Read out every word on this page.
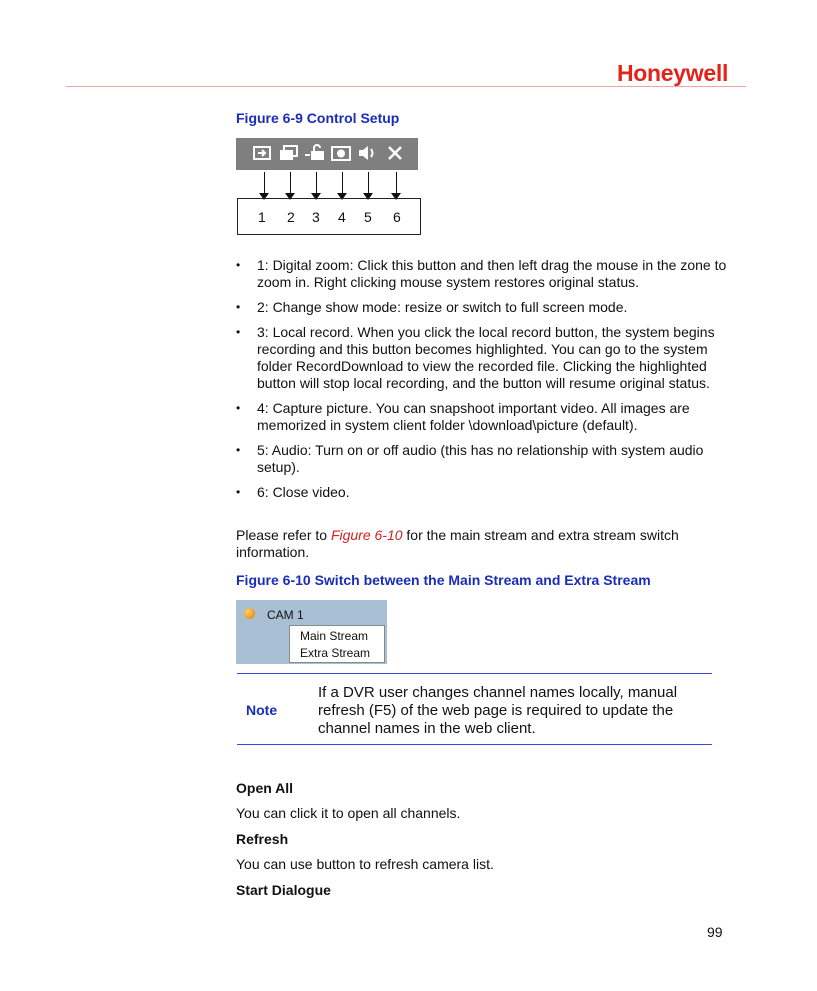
Honeywell
Figure 6-9 Control Setup
1 2 3 4 5 6
• 1: Digital zoom: Click this button and then left drag the mouse in the zone to zoom in. Right clicking mouse system restores original status.
• 2: Change show mode: resize or switch to full screen mode.
• 3: Local record. When you click the local record button, the system begins recording and this button becomes highlighted. You can go to the system folder RecordDownload to view the recorded file. Clicking the highlighted button will stop local recording, and the button will resume original status.
• 4: Capture picture. You can snapshoot important video. All images are memorized in system client folder \download\picture (default).
• 5: Audio: Turn on or off audio (this has no relationship with system audio setup).
• 6: Close video.
Please refer to Figure 6-10 for the main stream and extra stream switch information.
Figure 6-10 Switch between the Main Stream and Extra Stream
CAM 1
Main Stream
Extra Stream
Note
If a DVR user changes channel names locally, manual refresh (F5) of the web page is required to update the channel names in the web client.
Open All
You can click it to open all channels.
Refresh
You can use button to refresh camera list.
Start Dialogue
99
